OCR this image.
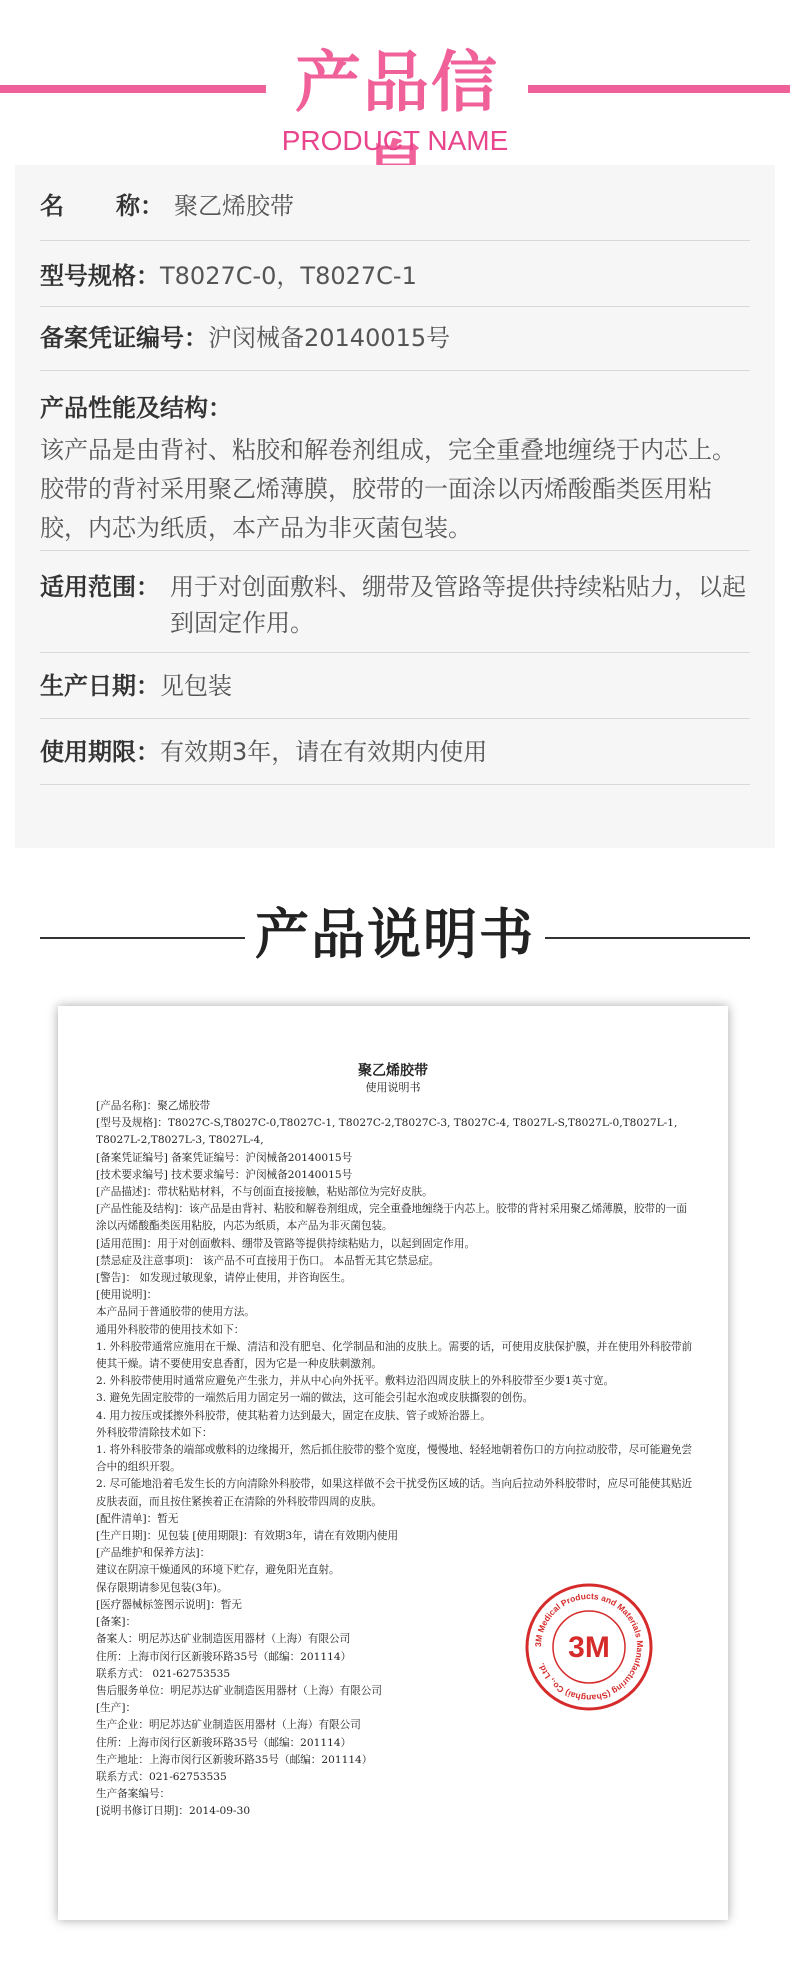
产品信
PRODUCT NAME
名 称： 聚乙烯胶带
型号规格：T8027C-0，T8027C-1
备案凭证编号：沪闵械备20140015号
产品性能及结构：
该产品是由背衬、粘胶和解卷剂组成，完全重叠地缠绕于内芯上。胶带的背衬采用聚乙烯薄膜，胶带的一面涂以丙烯酸酯类医用粘胶，内芯为纸质，本产品为非灭菌包装。
适用范围： 用于对创面敷料、绷带及管路等提供持续粘贴力，以起到固定作用。
生产日期：见包装
使用期限：有效期3年，请在有效期内使用
产品说明书
聚乙烯胶带
使用说明书
[产品名称]：聚乙烯胶带
[型号及规格]：T8027C-S,T8027C-0,T8027C-1, T8027C-2,T8027C-3, T8027C-4, T8027L-S,T8027L-0,T8027L-1, T8027L-2,T8027L-3, T8027L-4,
[备案凭证编号] 备案凭证编号：沪闵械备20140015号
[技术要求编号] 技术要求编号：沪闵械备20140015号
[产品描述]：带状粘贴材料，不与创面直接接触，粘贴部位为完好皮肤。
[产品性能及结构]：该产品是由背衬、粘胶和解卷剂组成，完全重叠地缠绕于内芯上。胶带的背衬采用聚乙烯薄膜，胶带的一面涂以丙烯酸酯类医用粘胶，内芯为纸质，本产品为非灭菌包装。
[适用范围]：用于对创面敷料、绷带及管路等提供持续粘贴力，以起到固定作用。
[禁忌症及注意事项]： 该产品不可直接用于伤口。 本品暂无其它禁忌症。
[警告]： 如发现过敏现象，请停止使用，并咨询医生。
[使用说明]：
本产品同于普通胶带的使用方法。
通用外科胶带的使用技术如下：
1. 外科胶带通常应施用在干燥、清洁和没有肥皂、化学制品和油的皮肤上。需要的话，可使用皮肤保护膜，并在使用外科胶带前使其干燥。请不要使用安息香酊，因为它是一种皮肤刺激剂。
2. 外科胶带使用时通常应避免产生张力，并从中心向外抚平。敷料边沿四周皮肤上的外科胶带至少要1英寸宽。
3. 避免先固定胶带的一端然后用力固定另一端的做法，这可能会引起水泡或皮肤撕裂的创伤。
4. 用力按压或揉擦外科胶带，使其粘着力达到最大，固定在皮肤、管子或矫治器上。
外科胶带清除技术如下：
1. 将外科胶带条的端部或敷料的边缘揭开，然后抓住胶带的整个宽度，慢慢地、轻轻地朝着伤口的方向拉动胶带，尽可能避免尝合中的组织开裂。
2. 尽可能地沿着毛发生长的方向清除外科胶带，如果这样做不会干扰受伤区域的话。当向后拉动外科胶带时，应尽可能使其贴近皮肤表面，而且按住紧挨着正在清除的外科胶带四周的皮肤。
[配件清单]：暂无
[生产日期]：见包装 [使用期限]：有效期3年，请在有效期内使用
[产品维护和保养方法]：
建议在阴凉干燥通风的环境下贮存，避免阳光直射。
保存限期请参见包装(3年)。
[医疗器械标签图示说明]：暂无
[备案]：
备案人：明尼苏达矿业制造医用器材（上海）有限公司
住所：上海市闵行区新骏环路35号（邮编：201114）
联系方式： 021-62753535
售后服务单位：明尼苏达矿业制造医用器材（上海）有限公司
[生产]：
生产企业：明尼苏达矿业制造医用器材（上海）有限公司
住所：上海市闵行区新骏环路35号（邮编：201114）
生产地址：上海市闵行区新骏环路35号（邮编：201114）
联系方式：021-62753535
生产备案编号：
[说明书修订日期]：2014-09-30
3M Medical Products and Materials Manufacturing (Shanghai) Co., Ltd.
3M
